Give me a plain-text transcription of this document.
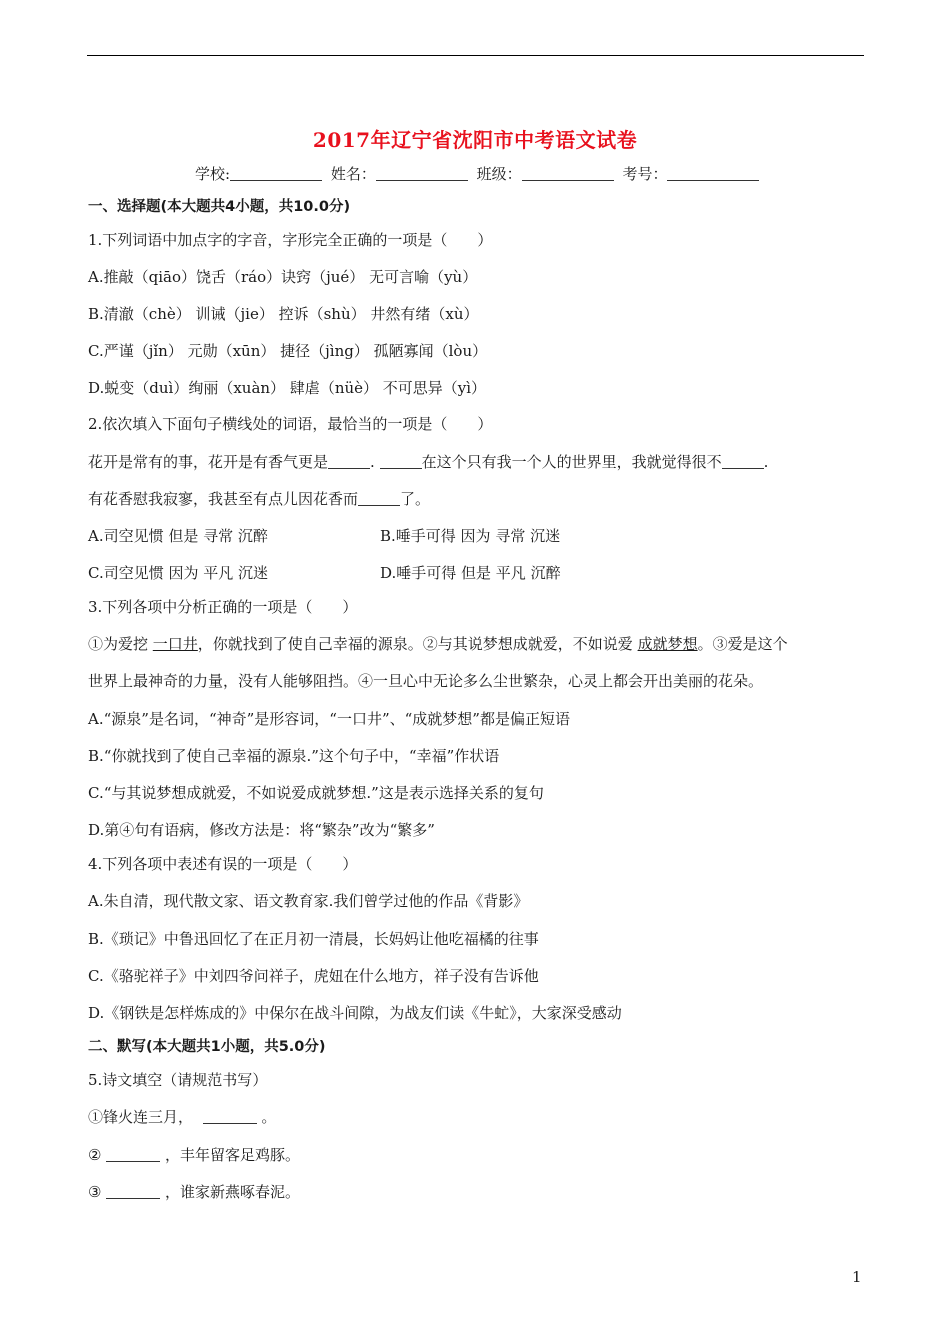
2017年辽宁省沈阳市中考语文试卷
学校:	姓名：	班级：	考号：
一、选择题(本大题共4小题，共10.0分)
1.下列词语中加点字的字音，字形完全正确的一项是（　　）
A.推敲（qiāo）饶舌（ráo）诀窍（jué） 无可言喻（yù）
B.清澈（chè） 训诫（jie） 控诉（shù） 井然有绪（xù）
C.严谨（jǐn） 元勋（xūn） 捷径（jìng） 孤陋寡闻（lòu）
D.蜕变（duì）绚丽（xuàn） 肆虐（nüè） 不可思异（yì）
2.依次填入下面句子横线处的词语，最恰当的一项是（　　）
花开是常有的事，花开是有香气更是	.	在这个只有我一个人的世界里，我就觉得很不	.
有花香慰我寂寥，我甚至有点儿因花香而	了。
A.司空见惯 但是 寻常 沉醉	B.唾手可得 因为 寻常 沉迷
C.司空见惯 因为 平凡 沉迷	D.唾手可得 但是 平凡 沉醉
3.下列各项中分析正确的一项是（　　）
①为爱挖 一口井，你就找到了使自己幸福的源泉。②与其说梦想成就爱，不如说爱 成就梦想。③爱是这个
世界上最神奇的力量，没有人能够阻挡。④一旦心中无论多么尘世繁杂，心灵上都会开出美丽的花朵。
A.“源泉”是名词，“神奇”是形容词，“一口井”、“成就梦想”都是偏正短语
B.“你就找到了使自己幸福的源泉.”这个句子中，“幸福”作状语
C.“与其说梦想成就爱，不如说爱成就梦想.”这是表示选择关系的复句
D.第④句有语病，修改方法是：将“繁杂”改为“繁多”
4.下列各项中表述有误的一项是（　　）
A.朱自清，现代散文家、语文教育家.我们曾学过他的作品《背影》
B.《琐记》中鲁迅回忆了在正月初一清晨，长妈妈让他吃福橘的往事
C.《骆驼祥子》中刘四爷问祥子，虎妞在什么地方，祥子没有告诉他
D.《钢铁是怎样炼成的》中保尔在战斗间隙，为战友们读《牛虻》，大家深受感动
二、默写(本大题共1小题，共5.0分)
5.诗文填空（请规范书写）
①锋火连三月，	。
②	，丰年留客足鸡豚。
③	，谁家新燕啄春泥。
1
